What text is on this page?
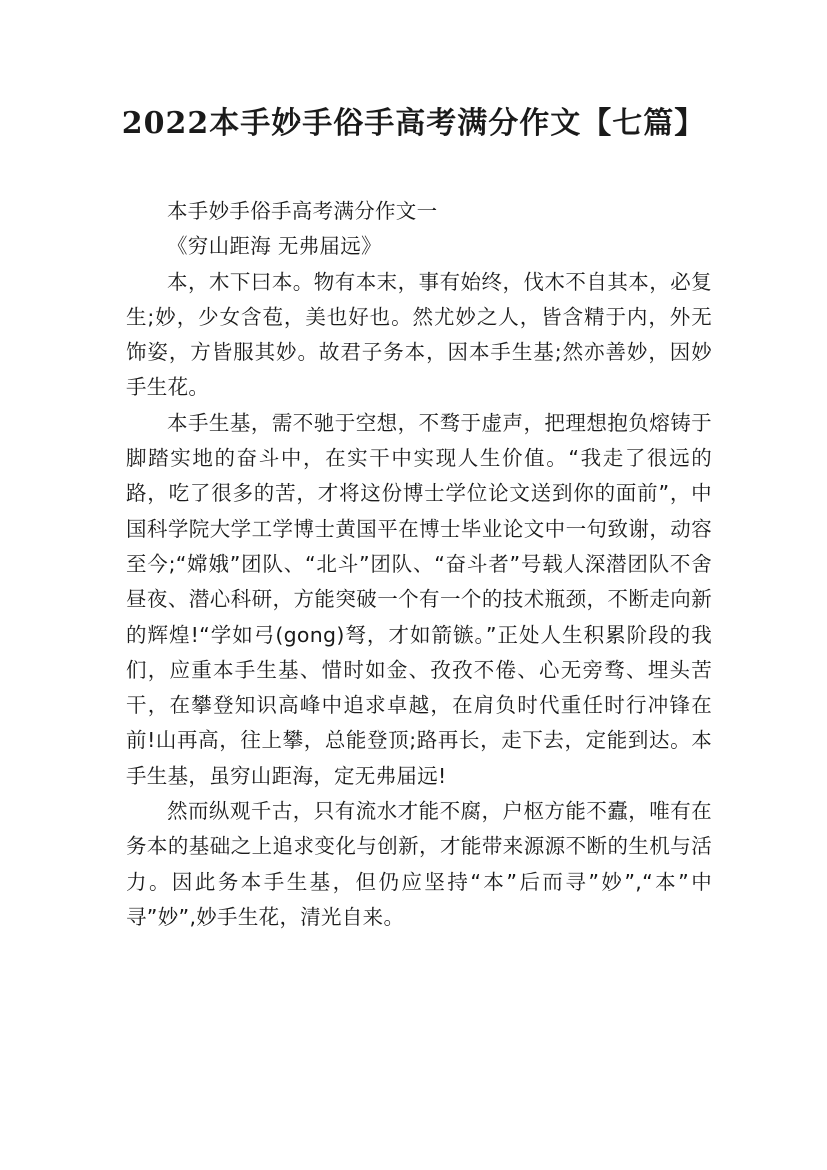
2022本手妙手俗手高考满分作文【七篇】

本手妙手俗手高考满分作文一

《穷山距海 无弗届远》

本，木下曰本。物有本末，事有始终，伐木不自其本，必复生;妙，少女含苞，美也好也。然尤妙之人，皆含精于内，外无饰姿，方皆服其妙。故君子务本，因本手生基;然亦善妙，因妙手生花。

本手生基，需不驰于空想，不骛于虚声，把理想抱负熔铸于脚踏实地的奋斗中，在实干中实现人生价值。“我走了很远的路，吃了很多的苦，才将这份博士学位论文送到你的面前”，中国科学院大学工学博士黄国平在博士毕业论文中一句致谢，动容至今;“嫦娥”团队、“北斗”团队、“奋斗者”号载人深潜团队不舍昼夜、潜心科研，方能突破一个有一个的技术瓶颈，不断走向新的辉煌!“学如弓(gong)弩，才如箭镞。”正处人生积累阶段的我们，应重本手生基、惜时如金、孜孜不倦、心无旁骛、埋头苦干，在攀登知识高峰中追求卓越，在肩负时代重任时行冲锋在前!山再高，往上攀，总能登顶;路再长，走下去，定能到达。本手生基，虽穷山距海，定无弗届远!

然而纵观千古，只有流水才能不腐，户枢方能不蠹，唯有在务本的基础之上追求变化与创新，才能带来源源不断的生机与活力。因此务本手生基，但仍应坚持“本”后而寻”妙”,“本”中寻”妙”,妙手生花，清光自来。
